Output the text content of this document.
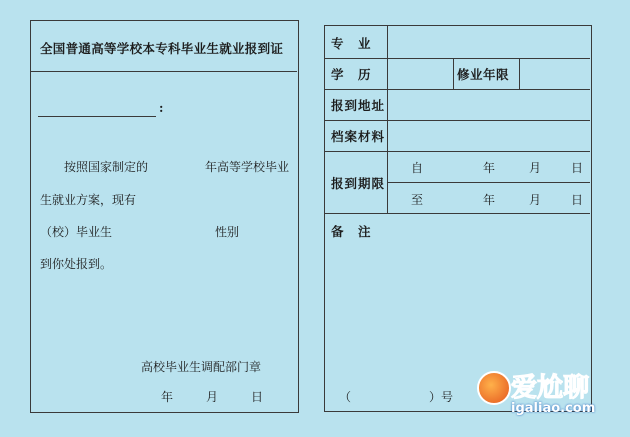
全国普通高等学校本专科毕业生就业报到证
:
按照国家制定的	年高等学校毕业
生就业方案，现有
（校）毕业生	性别
到你处报到。
高校毕业生调配部门章
年	月	日
专　业
学　历	修业年限
报到地址
档案材料
报到期限
自	年	月 日
至	年	月 日
备　注
（	）号 爱尬聊
igaliao.com
